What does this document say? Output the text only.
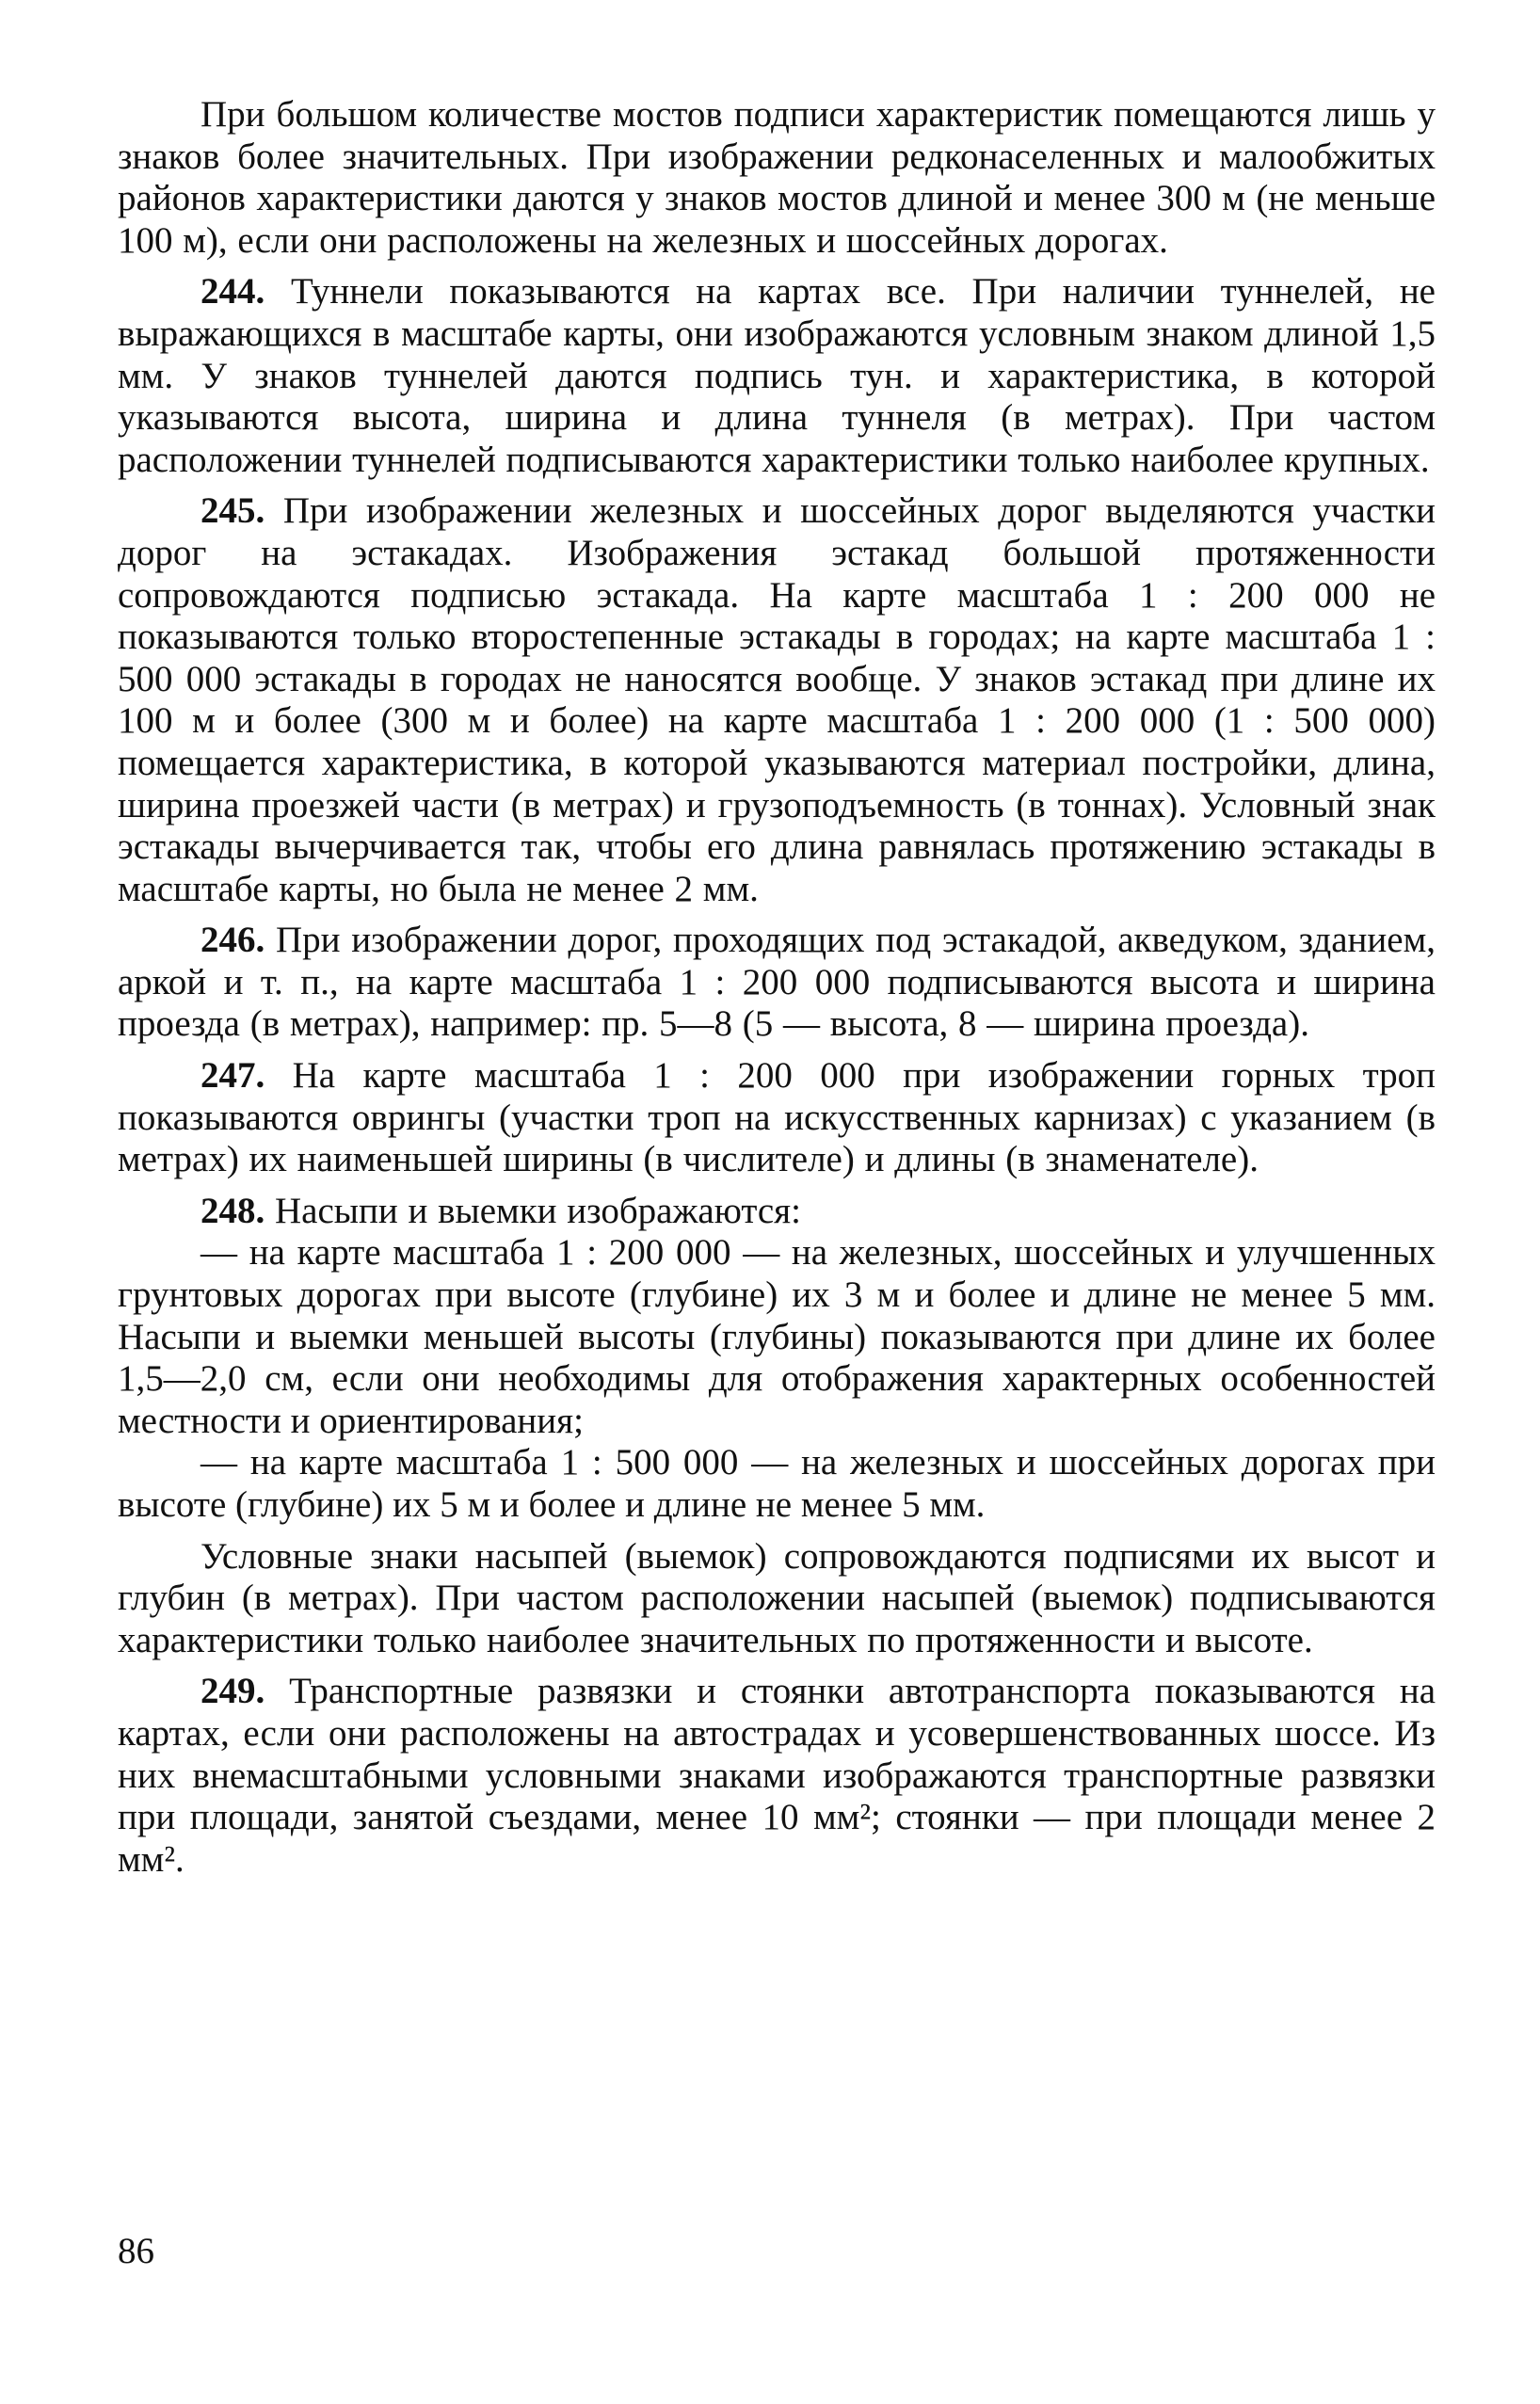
При большом количестве мостов подписи характеристик помещаются лишь у знаков более значительных. При изображении редконаселенных и малообжитых районов характеристики даются у знаков мостов длиной и менее 300 м (не меньше 100 м), если они расположены на железных и шоссейных дорогах.

244. Туннели показываются на картах все. При наличии туннелей, не выражающихся в масштабе карты, они изображаются условным знаком длиной 1,5 мм. У знаков туннелей даются подпись тун. и характеристика, в которой указываются высота, ширина и длина туннеля (в метрах). При частом расположении туннелей подписываются характеристики только наиболее крупных.

245. При изображении железных и шоссейных дорог выделяются участки дорог на эстакадах. Изображения эстакад большой протяженности сопровождаются подписью эстакада. На карте масштаба 1 : 200 000 не показываются только второстепенные эстакады в городах; на карте масштаба 1 : 500 000 эстакады в городах не наносятся вообще. У знаков эстакад при длине их 100 м и более (300 м и более) на карте масштаба 1 : 200 000 (1 : 500 000) помещается характеристика, в которой указываются материал постройки, длина, ширина проезжей части (в метрах) и грузоподъемность (в тоннах). Условный знак эстакады вычерчивается так, чтобы его длина равнялась протяжению эстакады в масштабе карты, но была не менее 2 мм.

246. При изображении дорог, проходящих под эстакадой, акведуком, зданием, аркой и т. п., на карте масштаба 1 : 200 000 подписываются высота и ширина проезда (в метрах), например: пр. 5—8 (5 — высота, 8 — ширина проезда).

247. На карте масштаба 1 : 200 000 при изображении горных троп показываются оврингы (участки троп на искусственных карнизах) с указанием (в метрах) их наименьшей ширины (в числителе) и длины (в знаменателе).

248. Насыпи и выемки изображаются:

— на карте масштаба 1 : 200 000 — на железных, шоссейных и улучшенных грунтовых дорогах при высоте (глубине) их 3 м и более и длине не менее 5 мм. Насыпи и выемки меньшей высоты (глубины) показываются при длине их более 1,5—2,0 см, если они необходимы для отображения характерных особенностей местности и ориентирования;

— на карте масштаба 1 : 500 000 — на железных и шоссейных дорогах при высоте (глубине) их 5 м и более и длине не менее 5 мм.

Условные знаки насыпей (выемок) сопровождаются подписями их высот и глубин (в метрах). При частом расположении насыпей (выемок) подписываются характеристики только наиболее значительных по протяженности и высоте.

249. Транспортные развязки и стоянки автотранспорта показываются на картах, если они расположены на автострадах и усовершенствованных шоссе. Из них внемасштабными условными знаками изображаются транспортные развязки при площади, занятой съездами, менее 10 мм²; стоянки — при площади менее 2 мм².

86
